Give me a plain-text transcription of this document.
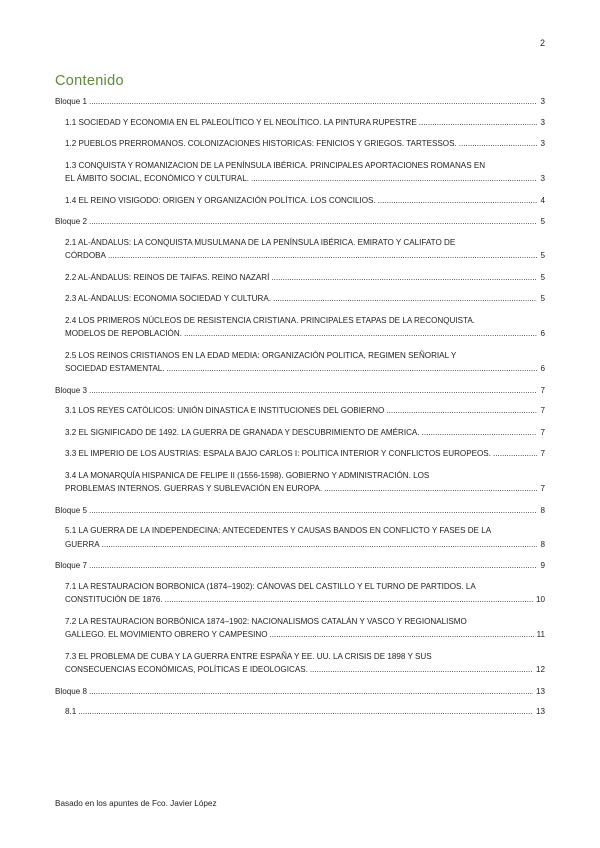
2
Contenido
Bloque 1 .....	3
1.1 SOCIEDAD Y ECONOMIA EN EL PALEOLÍTICO Y EL NEOLÍTICO. LA PINTURA RUPESTRE .....	3
1.2 PUEBLOS PRERROMANOS. COLONIZACIONES HISTORICAS: FENICIOS Y GRIEGOS. TARTESSOS. .....	3
1.3 CONQUISTA Y ROMANIZACION DE LA PENÍNSULA IBÉRICA. PRINCIPALES APORTACIONES ROMANAS EN
EL ÁMBITO SOCIAL, ECONÓMICO Y CULTURAL. .....	3
1.4 EL REINO VISIGODO: ORIGEN Y ORGANIZACIÓN POLÍTICA. LOS CONCILIOS. .....	4
Bloque 2 .....	5
2.1 AL-ÁNDALUS: LA CONQUISTA MUSULMANA DE LA PENÍNSULA IBÉRICA. EMIRATO Y CALIFATO DE
CÓRDOBA .....	5
2.2 AL-ÁNDALUS: REINOS DE TAIFAS. REINO NAZARÍ .....	5
2.3 AL-ÁNDALUS: ECONOMIA SOCIEDAD Y CULTURA. .....	5
2.4 LOS PRIMEROS NÚCLEOS DE RESISTENCIA CRISTIANA. PRINCIPALES ETAPAS DE LA RECONQUISTA.
MODELOS DE REPOBLACIÓN. .....	6
2.5 LOS REINOS CRISTIANOS EN LA EDAD MEDIA: ORGANIZACIÓN POLITICA, REGIMEN SEÑORIAL Y
SOCIEDAD ESTAMENTAL. .....	6
Bloque 3 .....	7
3.1 LOS REYES CATÓLICOS: UNIÓN DINASTICA E INSTITUCIONES DEL GOBIERNO .....	7
3.2 EL SIGNIFICADO DE 1492. LA GUERRA DE GRANADA Y DESCUBRIMIENTO DE AMÉRICA. .....	7
3.3 EL IMPERIO DE LOS AUSTRIAS: ESPALA BAJO CARLOS I: POLITICA INTERIOR Y CONFLICTOS EUROPEOS. .....	7
3.4 LA MONARQUÍA HISPANICA DE FELIPE II (1556-1598). GOBIERNO Y ADMINISTRACIÓN. LOS
PROBLEMAS INTERNOS. GUERRAS Y SUBLEVACIÓN EN EUROPA. .....	7
Bloque 5 .....	8
5.1 LA GUERRA DE LA INDEPENDECINA: ANTECEDENTES Y CAUSAS BANDOS EN CONFLICTO Y FASES DE LA
GUERRA .....	8
Bloque 7 .....	9
7.1 LA RESTAURACION BORBONICA (1874–1902): CÁNOVAS DEL CASTILLO Y EL TURNO DE PARTIDOS. LA
CONSTITUCIÓN DE 1876. .....	10
7.2 LA RESTAURACION BORBÓNICA 1874–1902: NACIONALISMOS CATALÁN Y VASCO Y REGIONALISMO
GALLEGO. EL MOVIMIENTO OBRERO Y CAMPESINO .....	11
7.3 EL PROBLEMA DE CUBA Y LA GUERRA ENTRE ESPAÑA Y EE. UU. LA CRISIS DE 1898 Y SUS
CONSECUENCIAS ECONÓMICAS, POLÍTICAS E IDEOLOGICAS. .....	12
Bloque 8 .....	13
8.1 .....	13
Basado en los apuntes de Fco. Javier López
